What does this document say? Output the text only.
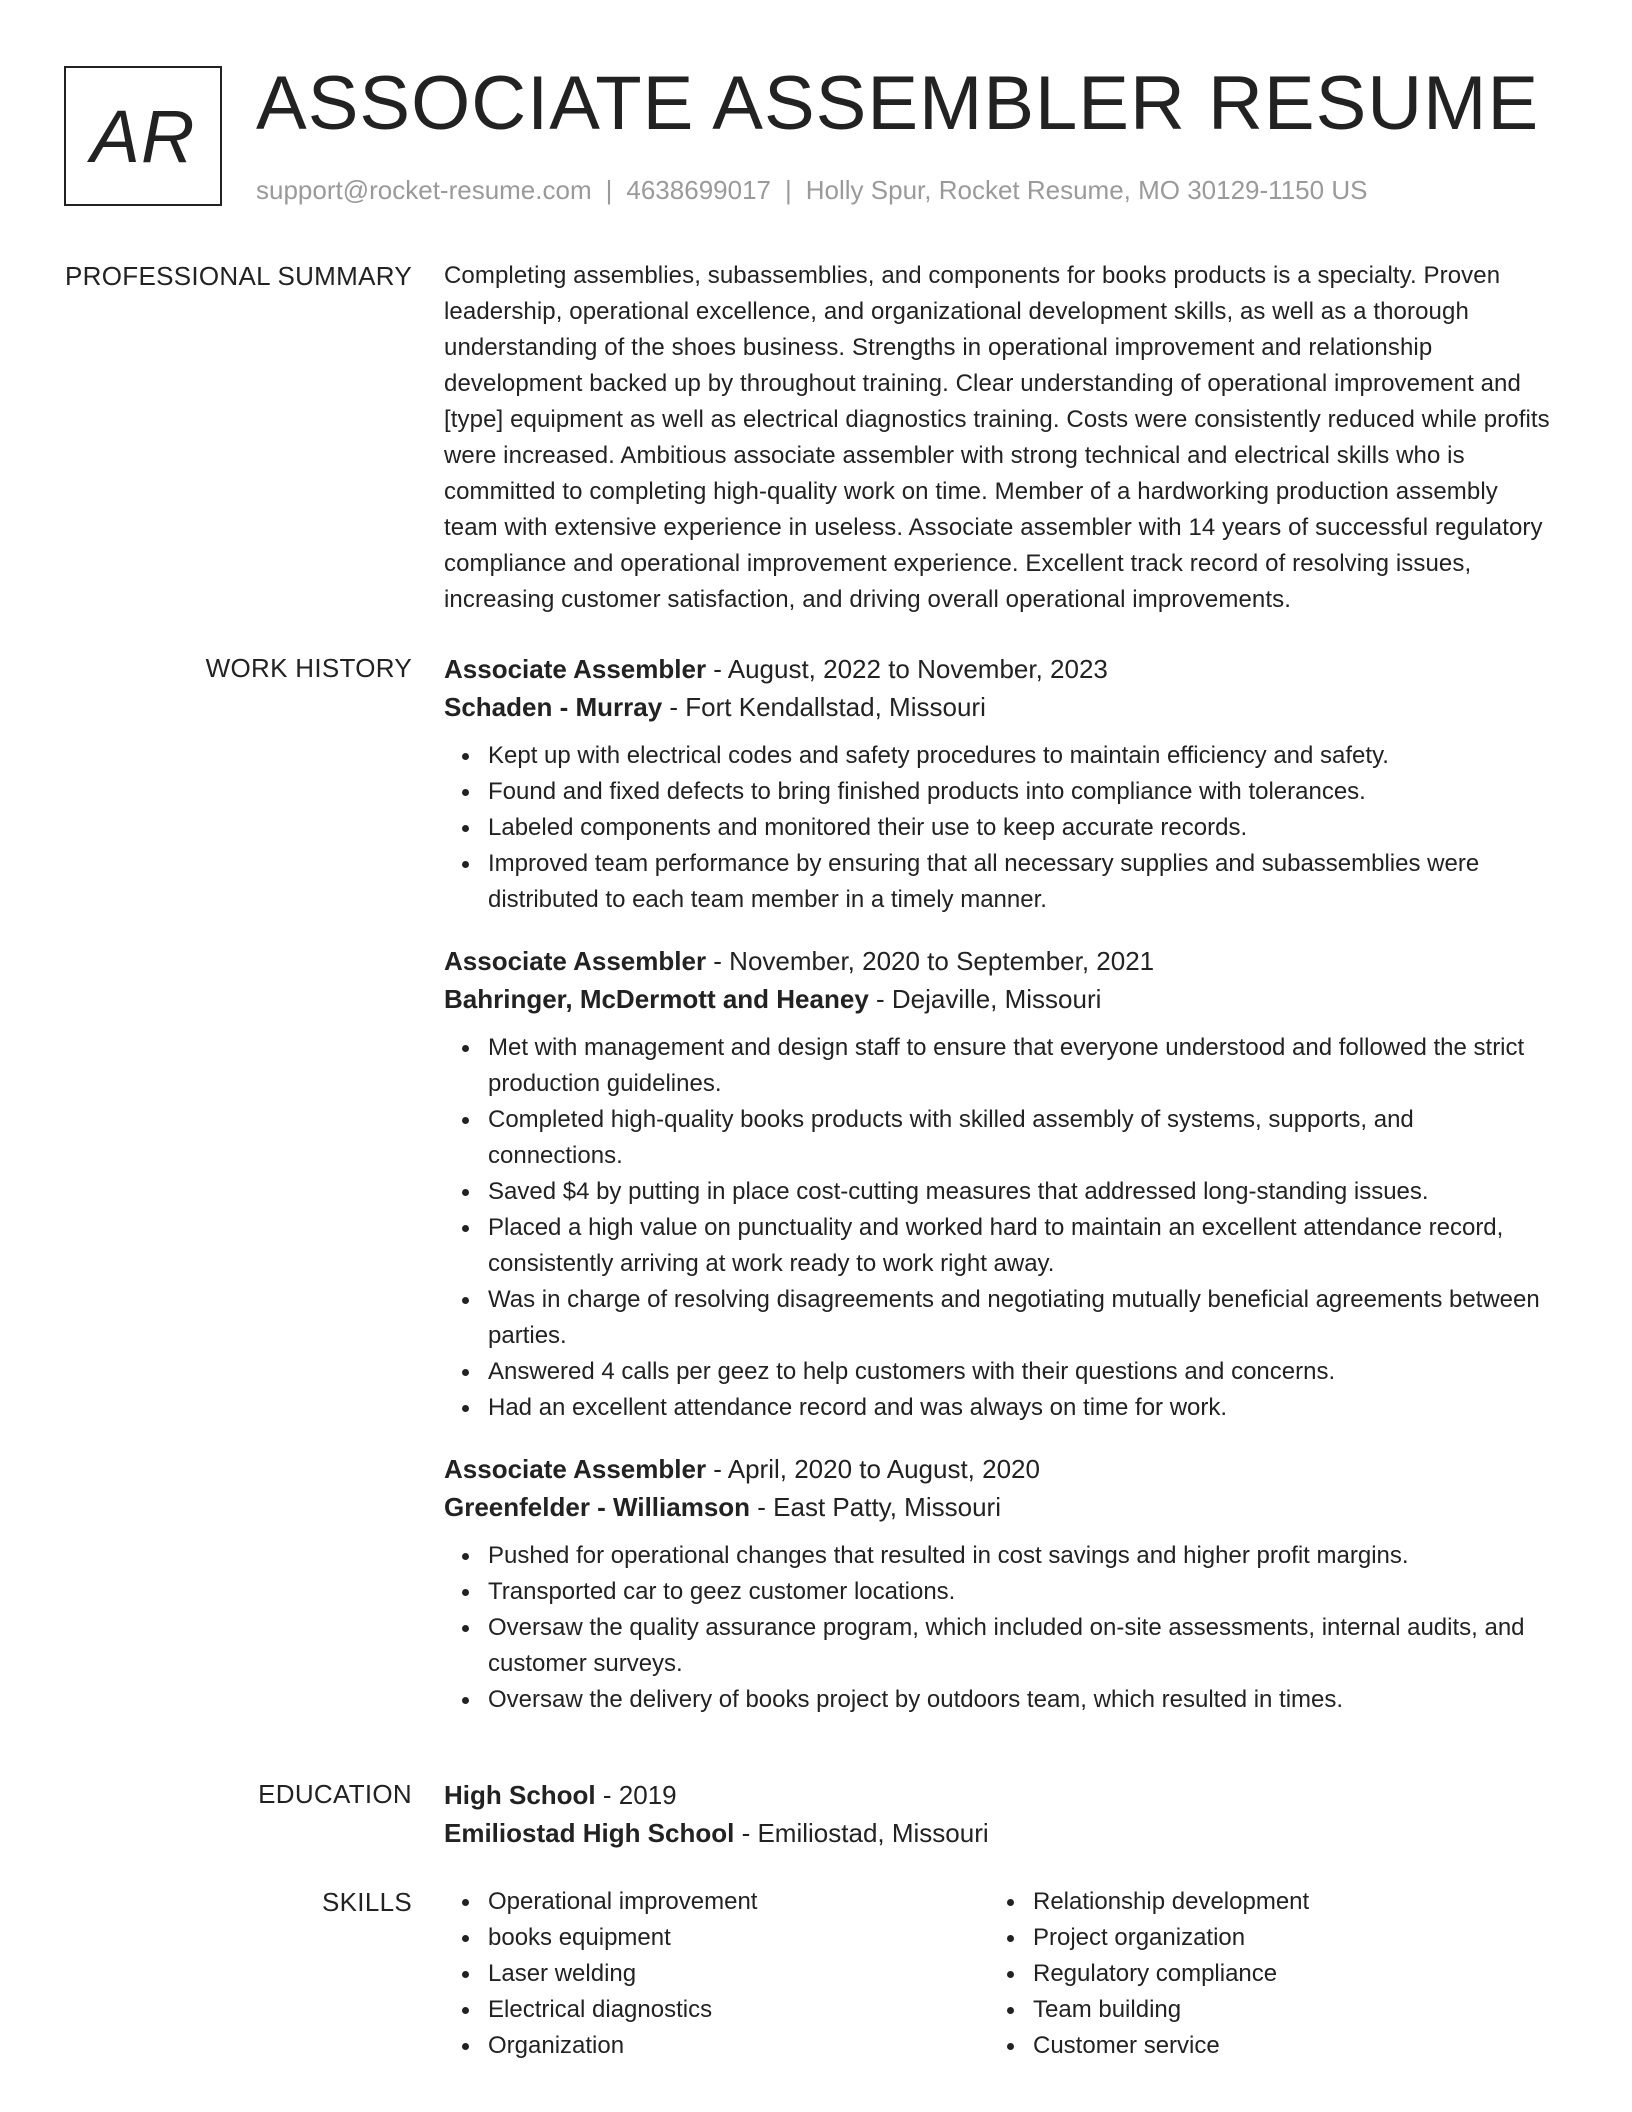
AR ASSOCIATE ASSEMBLER RESUME
support@rocket-resume.com | 4638699017 | Holly Spur, Rocket Resume, MO 30129-1150 US
PROFESSIONAL SUMMARY Completing assemblies, subassemblies, and components for books products is a specialty. Proven leadership, operational excellence, and organizational development skills, as well as a thorough understanding of the shoes business. Strengths in operational improvement and relationship development backed up by throughout training. Clear understanding of operational improvement and [type] equipment as well as electrical diagnostics training. Costs were consistently reduced while profits were increased. Ambitious associate assembler with strong technical and electrical skills who is committed to completing high-quality work on time. Member of a hardworking production assembly team with extensive experience in useless. Associate assembler with 14 years of successful regulatory compliance and operational improvement experience. Excellent track record of resolving issues, increasing customer satisfaction, and driving overall operational improvements.

WORK HISTORY Associate Assembler - August, 2022 to November, 2023
Schaden - Murray - Fort Kendallstad, Missouri
Kept up with electrical codes and safety procedures to maintain efficiency and safety.
Found and fixed defects to bring finished products into compliance with tolerances.
Labeled components and monitored their use to keep accurate records.
Improved team performance by ensuring that all necessary supplies and subassemblies were distributed to each team member in a timely manner.
Associate Assembler - November, 2020 to September, 2021
Bahringer, McDermott and Heaney - Dejaville, Missouri
Met with management and design staff to ensure that everyone understood and followed the strict production guidelines.
Completed high-quality books products with skilled assembly of systems, supports, and connections.
Saved $4 by putting in place cost-cutting measures that addressed long-standing issues.
Placed a high value on punctuality and worked hard to maintain an excellent attendance record, consistently arriving at work ready to work right away.
Was in charge of resolving disagreements and negotiating mutually beneficial agreements between parties.
Answered 4 calls per geez to help customers with their questions and concerns.
Had an excellent attendance record and was always on time for work.
Associate Assembler - April, 2020 to August, 2020
Greenfelder - Williamson - East Patty, Missouri
Pushed for operational changes that resulted in cost savings and higher profit margins.
Transported car to geez customer locations.
Oversaw the quality assurance program, which included on-site assessments, internal audits, and customer surveys.
Oversaw the delivery of books project by outdoors team, which resulted in times.
EDUCATION High School - 2019
Emiliostad High School - Emiliostad, Missouri
SKILLS	Operational improvement
books equipment
Laser welding
Electrical diagnostics
Organization
Relationship development
Project organization
Regulatory compliance
Team building
Customer service
